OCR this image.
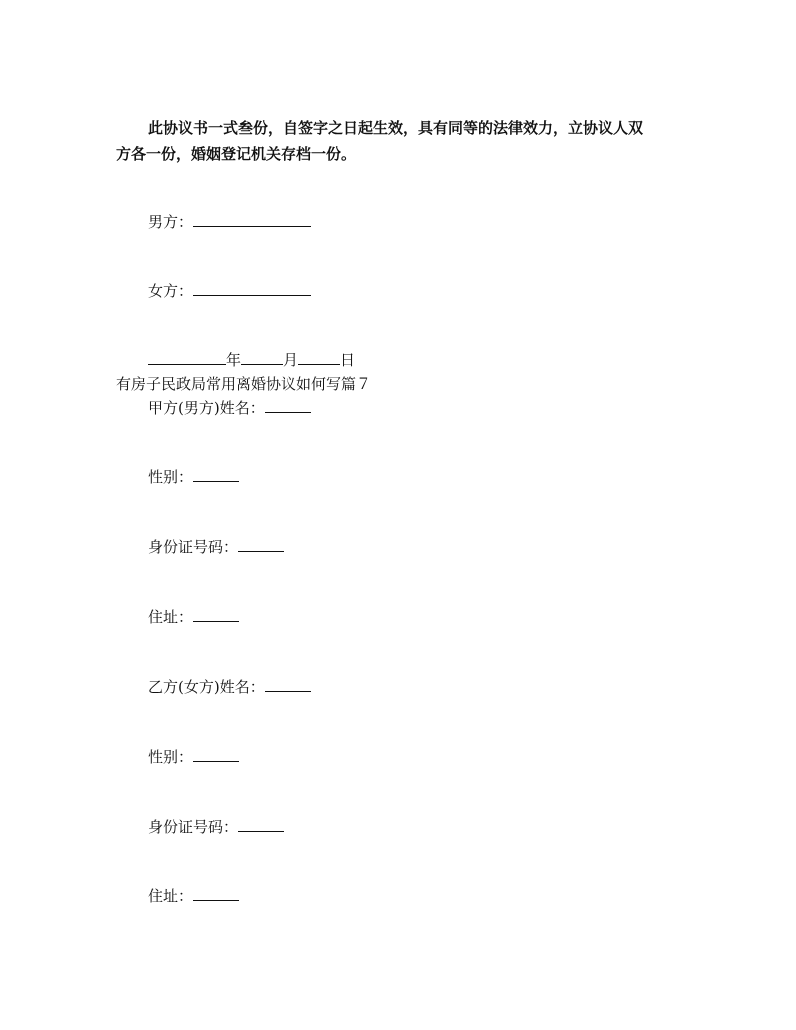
此协议书一式叁份，自签字之日起生效，具有同等的法律效力，立协议人双
方各一份，婚姻登记机关存档一份。
男方：
女方：
年	月	日
有房子民政局常用离婚协议如何写篇７
甲方(男方)姓名：
性别：
身份证号码：
住址：
乙方(女方)姓名：
性别：
身份证号码：
住址：
